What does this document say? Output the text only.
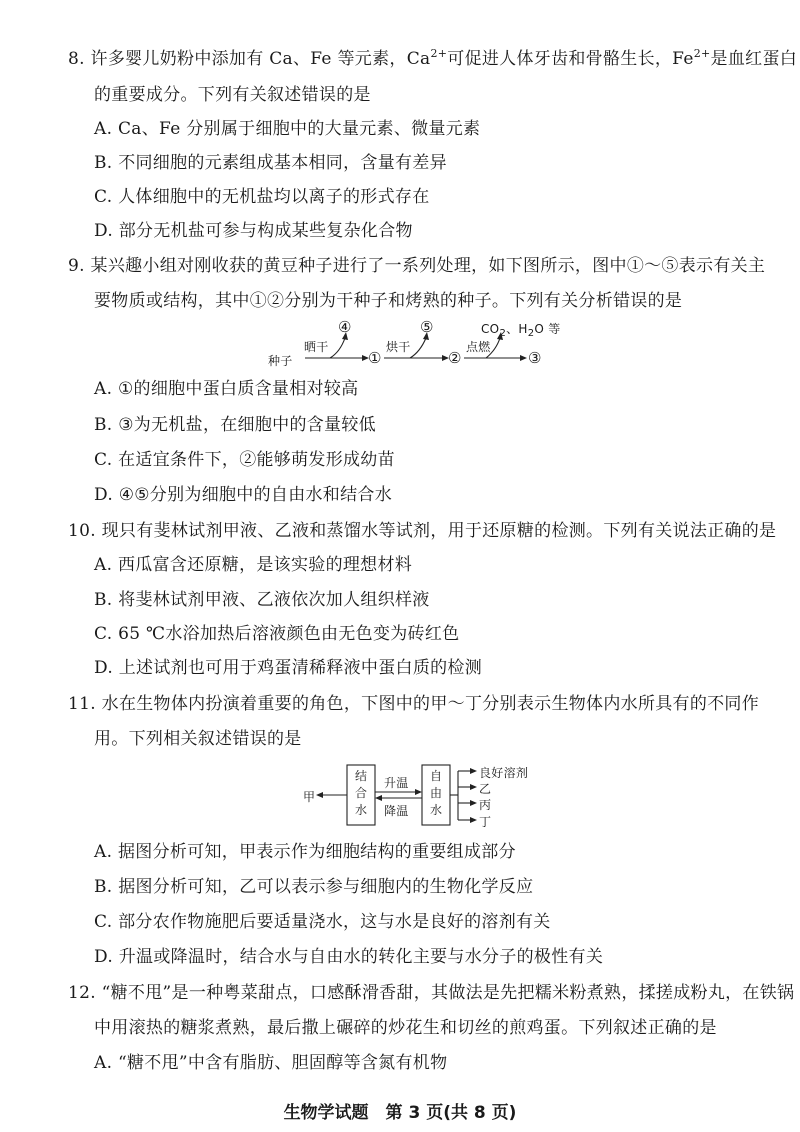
8. 许多婴儿奶粉中添加有 Ca、Fe 等元素，$Ca^{2+}$可促进人体牙齿和骨骼生长，$Fe^{2+}$是血红蛋白
的重要成分。下列有关叙述错误的是
A. Ca、Fe 分别属于细胞中的大量元素、微量元素
B. 不同细胞的元素组成基本相同，含量有差异
C. 人体细胞中的无机盐均以离子的形式存在
D. 部分无机盐可参与构成某些复杂化合物
9. 某兴趣小组对刚收获的黄豆种子进行了一系列处理，如下图所示，图中①～⑤表示有关主
要物质或结构，其中①②分别为干种子和烤熟的种子。下列有关分析错误的是
种子
晒干
①
④
烘干
②
⑤
点燃
③
$CO_2$、$H_2O$ 等
A. ①的细胞中蛋白质含量相对较高
B. ③为无机盐，在细胞中的含量较低
C. 在适宜条件下，②能够萌发形成幼苗
D. ④⑤分别为细胞中的自由水和结合水
10. 现只有斐林试剂甲液、乙液和蒸馏水等试剂，用于还原糖的检测。下列有关说法正确的是
A. 西瓜富含还原糖，是该实验的理想材料
B. 将斐林试剂甲液、乙液依次加人组织样液
C. 65 ℃水浴加热后溶液颜色由无色变为砖红色
D. 上述试剂也可用于鸡蛋清稀释液中蛋白质的检测
11. 水在生物体内扮演着重要的角色，下图中的甲～丁分别表示生物体内水所具有的不同作
用。下列相关叙述错误的是
甲
结
合
水
升温
降温
自
由
水
良好溶剂
乙
丙
丁
A. 据图分析可知，甲表示作为细胞结构的重要组成部分
B. 据图分析可知，乙可以表示参与细胞内的生物化学反应
C. 部分农作物施肥后要适量浇水，这与水是良好的溶剂有关
D. 升温或降温时，结合水与自由水的转化主要与水分子的极性有关
12. “糖不甩”是一种粤菜甜点，口感酥滑香甜，其做法是先把糯米粉煮熟，揉搓成粉丸，在铁锅
中用滚热的糖浆煮熟，最后撒上碾碎的炒花生和切丝的煎鸡蛋。下列叙述正确的是
A. “糖不甩”中含有脂肪、胆固醇等含氮有机物
生物学试题　第 3 页(共 8 页)
